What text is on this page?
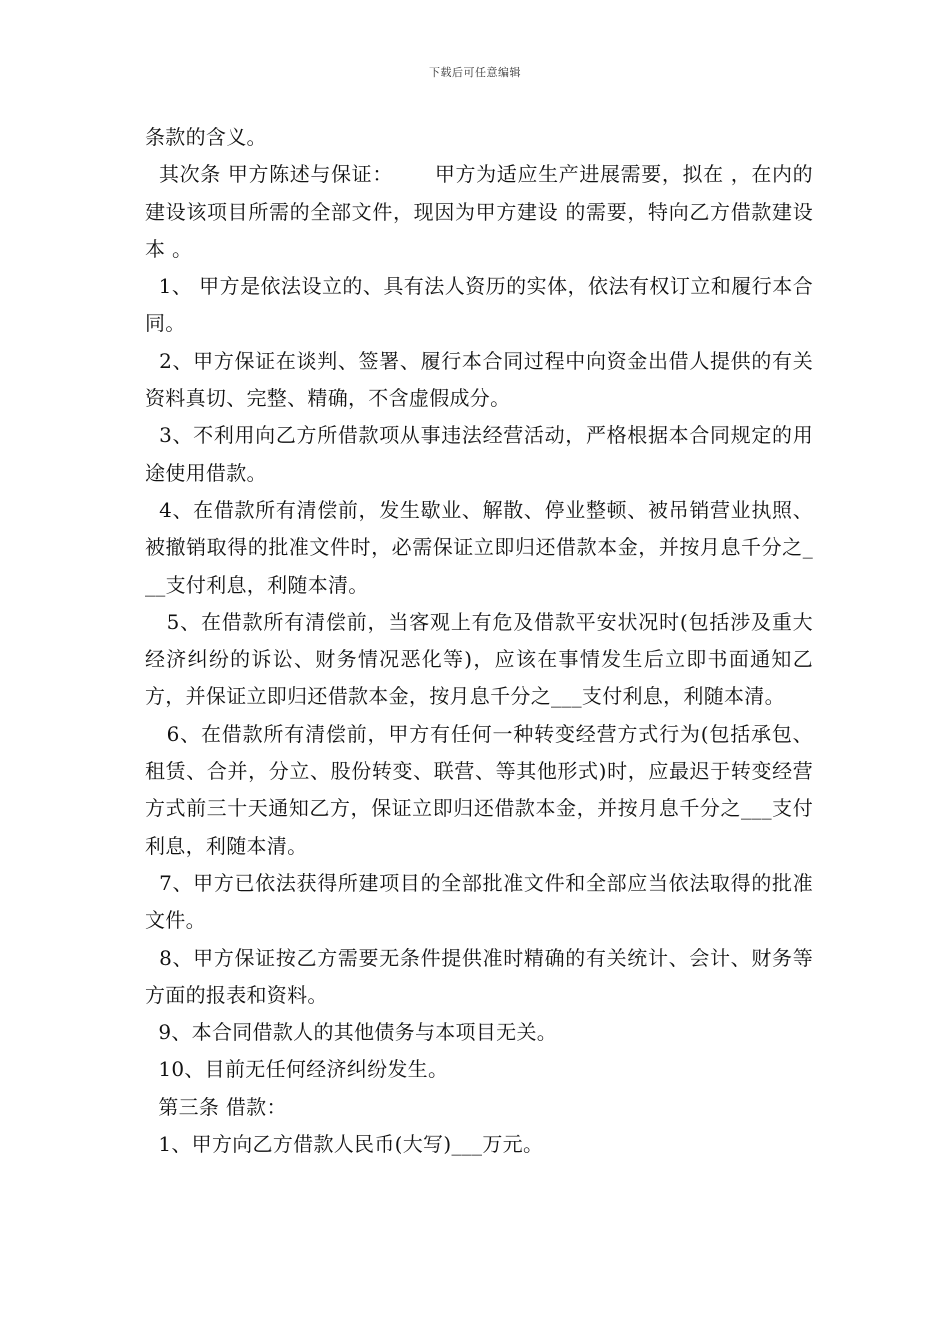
下载后可任意编辑

条款的含义。

其次条 甲方陈述与保证：      甲方为适应生产进展需要，拟在 ，在内的建设该项目所需的全部文件，现因为甲方建设 的需要，特向乙方借款建设本 。

1、 甲方是依法设立的、具有法人资历的实体，依法有权订立和履行本合同。

2、甲方保证在谈判、签署、履行本合同过程中向资金出借人提供的有关资料真切、完整、精确，不含虚假成分。

3、不利用向乙方所借款项从事违法经营活动，严格根据本合同规定的用途使用借款。

4、在借款所有清偿前，发生歇业、解散、停业整顿、被吊销营业执照、被撤销取得的批准文件时，必需保证立即归还借款本金，并按月息千分之___支付利息，利随本清。

5、在借款所有清偿前，当客观上有危及借款平安状况时(包括涉及重大经济纠纷的诉讼、财务情况恶化等)，应该在事情发生后立即书面通知乙方，并保证立即归还借款本金，按月息千分之___支付利息，利随本清。

6、在借款所有清偿前，甲方有任何一种转变经营方式行为(包括承包、租赁、合并，分立、股份转变、联营、等其他形式)时，应最迟于转变经营方式前三十天通知乙方，保证立即归还借款本金，并按月息千分之___支付利息，利随本清。

7、甲方已依法获得所建项目的全部批准文件和全部应当依法取得的批准文件。

8、甲方保证按乙方需要无条件提供准时精确的有关统计、会计、财务等方面的报表和资料。

9、本合同借款人的其他债务与本项目无关。

10、目前无任何经济纠纷发生。

第三条 借款：

1、甲方向乙方借款人民币(大写)___万元。
